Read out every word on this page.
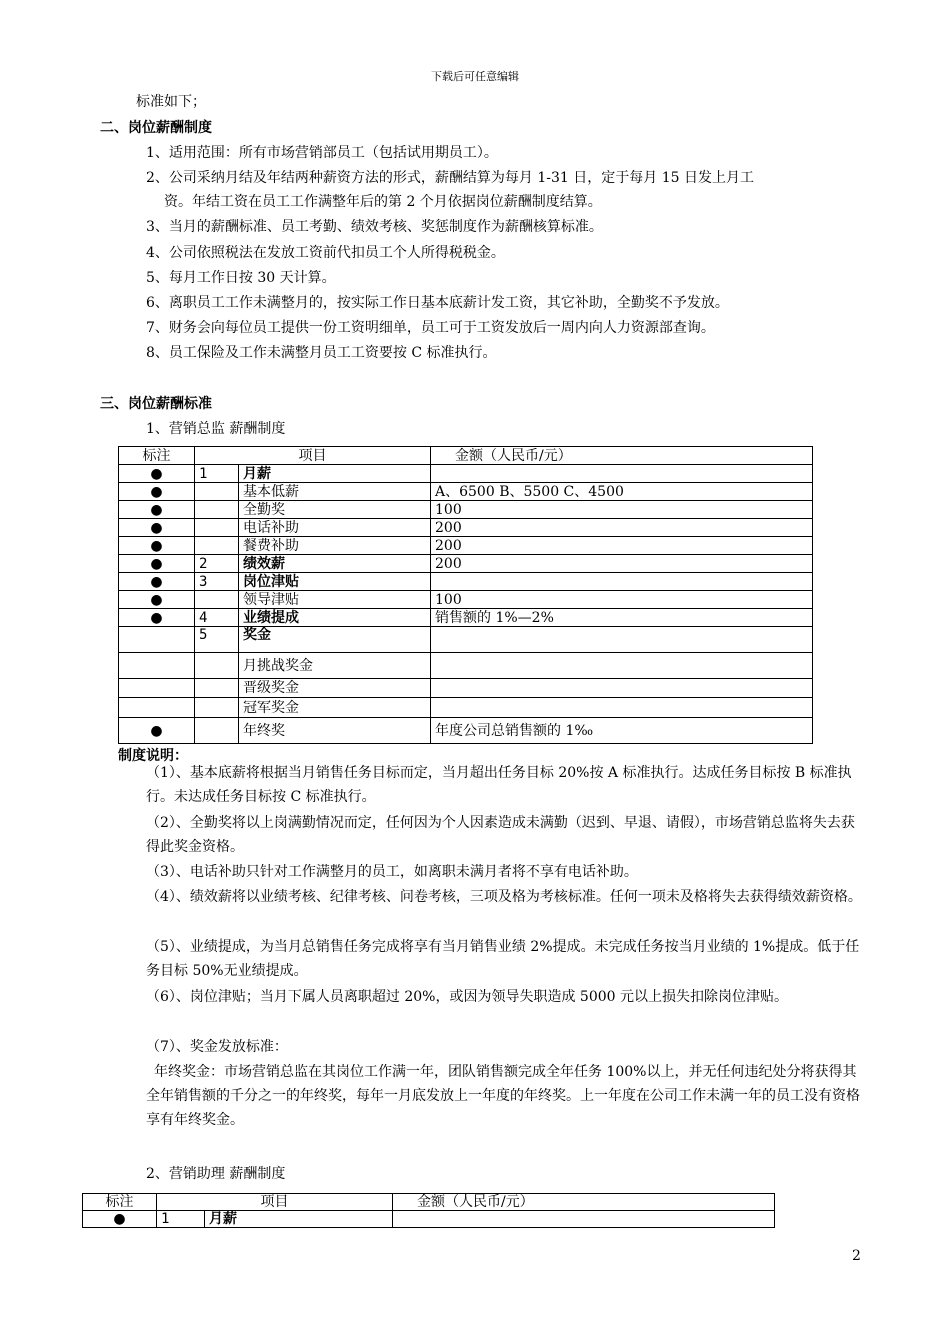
下载后可任意编辑
标准如下；
二、岗位薪酬制度
1、适用范围：所有市场营销部员工（包括试用期员工）。
2、公司采纳月结及年结两种薪资方法的形式，薪酬结算为每月 1-31 日，定于每月 15 日发上月工
资。年结工资在员工工作满整年后的第 2 个月依据岗位薪酬制度结算。
3、当月的薪酬标准、员工考勤、绩效考核、奖惩制度作为薪酬核算标准。
4、公司依照税法在发放工资前代扣员工个人所得税税金。
5、每月工作日按 30 天计算。
6、离职员工工作未满整月的，按实际工作日基本底薪计发工资，其它补助，全勤奖不予发放。
7、财务会向每位员工提供一份工资明细单，员工可于工资发放后一周内向人力资源部查询。
8、员工保险及工作未满整月员工工资要按 C 标准执行。
三、岗位薪酬标准
1、营销总监 薪酬制度
标注	项目		金额（人民币/元）
●	1	月薪	
●		基本低薪	A、6500 B、5500 C、4500
●		全勤奖	100
●		电话补助	200
●		餐费补助	200
●	2	绩效薪	200
●	3	岗位津贴	
●		领导津贴	100
●	4	业绩提成	销售额的 1%—2%
	5	奖金	
		月挑战奖金	
		晋级奖金	
		冠军奖金	
●		年终奖	年度公司总销售额的 1‰
制度说明：
（1）、基本底薪将根据当月销售任务目标而定，当月超出任务目标 20%按 A 标准执行。达成任务目标按 B 标准执行。未达成任务目标按 C 标准执行。
（2）、全勤奖将以上岗满勤情况而定，任何因为个人因素造成未满勤（迟到、早退、请假），市场营销总监将失去获得此奖金资格。
（3）、电话补助只针对工作满整月的员工，如离职未满月者将不享有电话补助。
（4）、绩效薪将以业绩考核、纪律考核、问卷考核，三项及格为考核标准。任何一项未及格将失去获得绩效薪资格。
（5）、业绩提成，为当月总销售任务完成将享有当月销售业绩 2%提成。未完成任务按当月业绩的 1%提成。低于任务目标 50%无业绩提成。
（6）、岗位津贴；当月下属人员离职超过 20%，或因为领导失职造成 5000 元以上损失扣除岗位津贴。
（7）、奖金发放标准：
年终奖金：市场营销总监在其岗位工作满一年，团队销售额完成全年任务 100%以上，并无任何违纪处分将获得其全年销售额的千分之一的年终奖，每年一月底发放上一年度的年终奖。上一年度在公司工作未满一年的员工没有资格享有年终奖金。
2、营销助理 薪酬制度
标注	项目		金额（人民币/元）
●	1	月薪	
2
